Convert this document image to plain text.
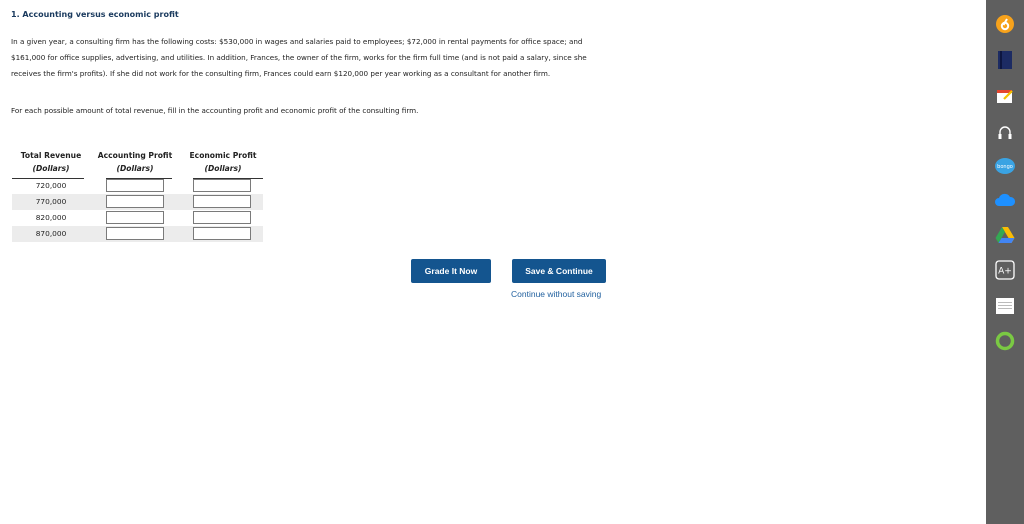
1. Accounting versus economic profit
In a given year, a consulting firm has the following costs: $530,000 in wages and salaries paid to employees; $72,000 in rental payments for office space; and $161,000 for office supplies, advertising, and utilities. In addition, Frances, the owner of the firm, works for the firm full time (and is not paid a salary, since she receives the firm's profits). If she did not work for the consulting firm, Frances could earn $120,000 per year working as a consultant for another firm.
For each possible amount of total revenue, fill in the accounting profit and economic profit of the consulting firm.
Total Revenue	Accounting Profit	Economic Profit
(Dollars)	(Dollars)	(Dollars)
720,000
770,000
820,000
870,000
Grade It Now	Save & Continue
Continue without saving
bongo
A+
